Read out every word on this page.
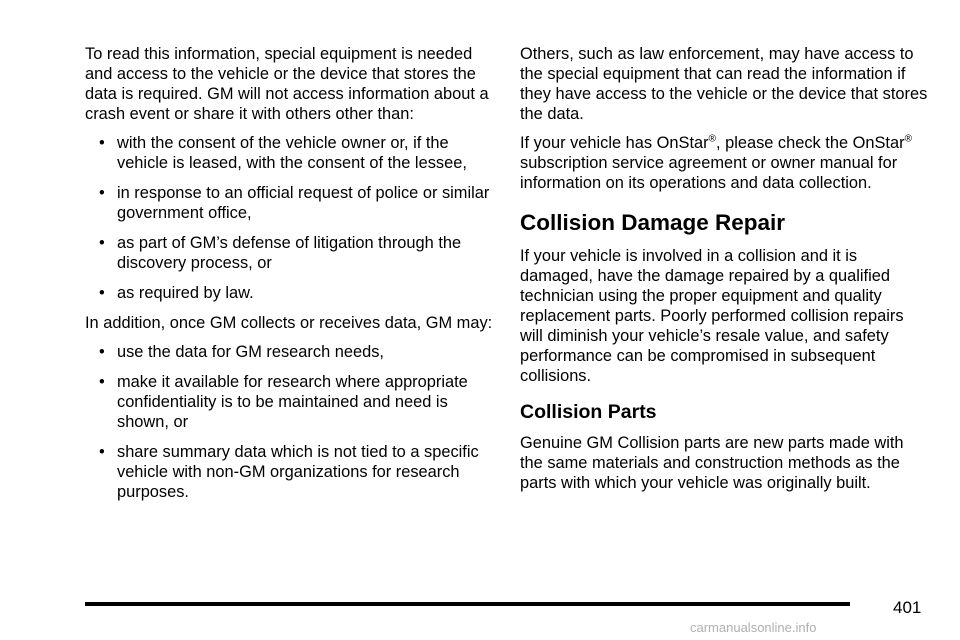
To read this information, special equipment is needed and access to the vehicle or the device that stores the data is required. GM will not access information about a crash event or share it with others other than:

• with the consent of the vehicle owner or, if the vehicle is leased, with the consent of the lessee,
• in response to an official request of police or similar government office,
• as part of GM’s defense of litigation through the discovery process, or
• as required by law.

In addition, once GM collects or receives data, GM may:

• use the data for GM research needs,
• make it available for research where appropriate confidentiality is to be maintained and need is shown, or
• share summary data which is not tied to a specific vehicle with non-GM organizations for research purposes.

Others, such as law enforcement, may have access to the special equipment that can read the information if they have access to the vehicle or the device that stores the data.

If your vehicle has OnStar®, please check the OnStar® subscription service agreement or owner manual for information on its operations and data collection.

Collision Damage Repair

If your vehicle is involved in a collision and it is damaged, have the damage repaired by a qualified technician using the proper equipment and quality replacement parts. Poorly performed collision repairs will diminish your vehicle’s resale value, and safety performance can be compromised in subsequent collisions.

Collision Parts

Genuine GM Collision parts are new parts made with the same materials and construction methods as the parts with which your vehicle was originally built.

401
carmanualsonline.info
